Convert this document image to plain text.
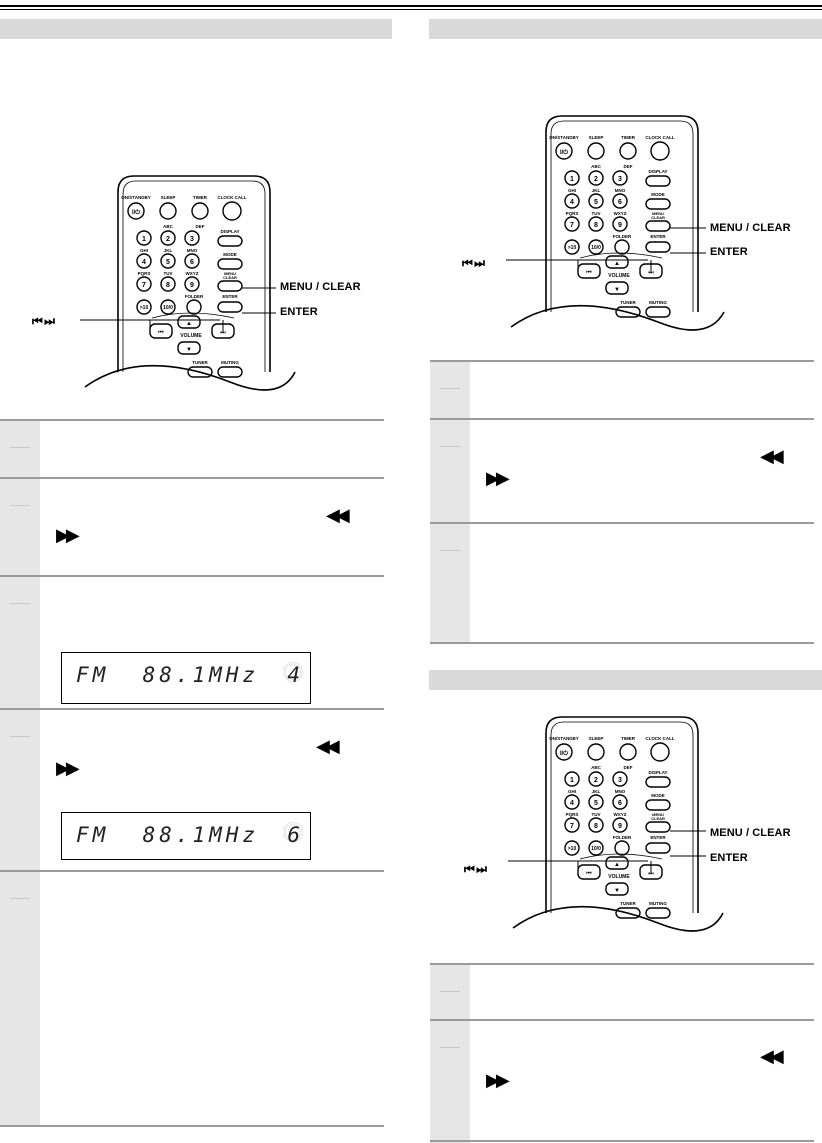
MENU / CLEAR
ENTER
⏮ ⏭
MENU / CLEAR
ENTER
⏮ ⏭
MENU / CLEAR
ENTER
⏮ ⏭
◀◀
▶▶
FM  88.1MHz 4
◀◀
▶▶
FM  88.1MHz 6
◀◀
▶▶
◀◀
▶▶
